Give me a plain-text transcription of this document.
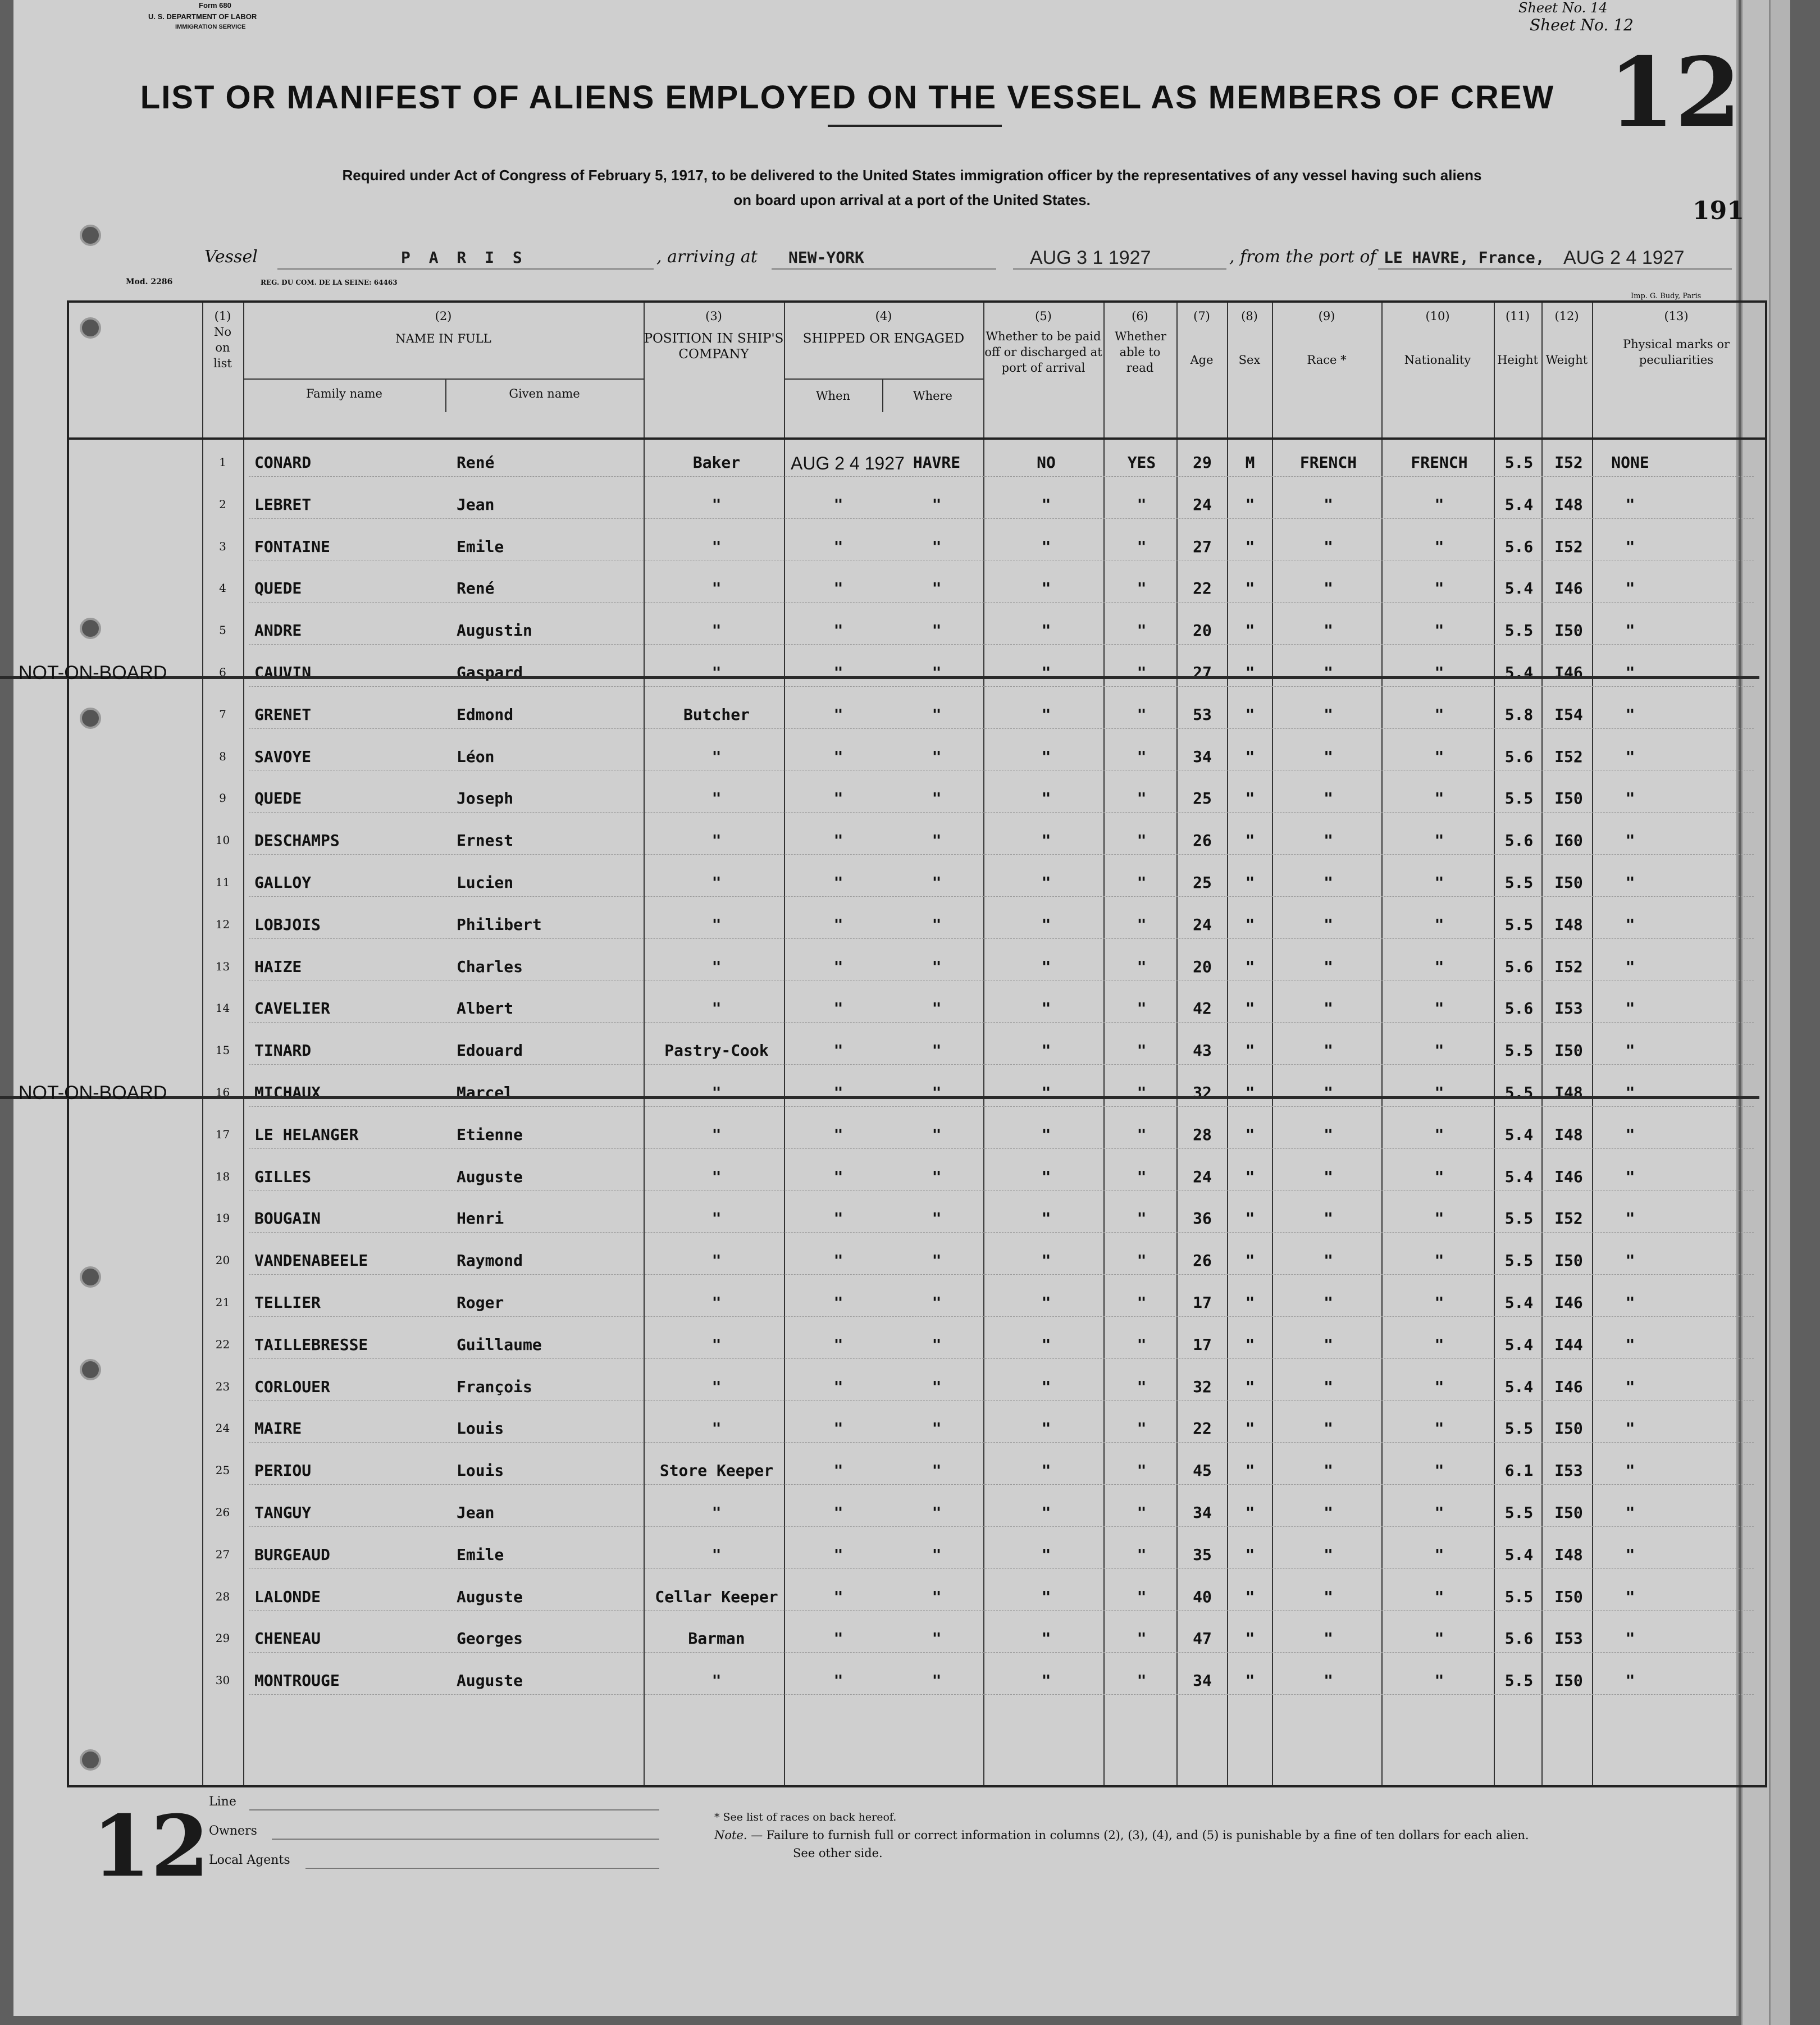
Form 680
U. S. DEPARTMENT OF LABOR
IMMIGRATION SERVICE
Sheet No. 14
Sheet No. 12
12
191
LIST OR MANIFEST OF ALIENS EMPLOYED ON THE VESSEL AS MEMBERS OF CREW
Required under Act of Congress of February 5, 1917, to be delivered to the United States immigration officer by the representatives of any vessel having such aliens
on board upon arrival at a port of the United States.
Vessel	P A R I S	, arriving at NEW-YORK	AUG 3 1 1927	, from the port of LE HAVRE, France, AUG 2 4 1927
Mod. 2286	REG. DU COM. DE LA SEINE: 64463
Imp. G. Budy, Paris
(1)
No on list
(2)
NAME IN FULL
Family name	Given name
(3)
POSITION IN SHIP'S COMPANY
(4)
SHIPPED OR ENGAGED
When	Where
(5)
Whether to be paid off or discharged at port of arrival
(6)
Whether able to read
(7)
Age
(8)
Sex
(9)
Race *
(10)
Nationality
(11)
Height
(12)
Weight
(13)
Physical marks or peculiarities
1	CONARD	René	Baker	AUG 2 4 1927 HAVRE	NO	YES	29	M	FRENCH	FRENCH	5.5	I52	NONE
2	LEBRET	Jean	"	"	"	"	"	24	"	"	"	5.4	I48	"
3	FONTAINE	Emile	"	"	"	"	"	27	"	"	"	5.6	I52	"
4	QUEDE	René	"	"	"	"	"	22	"	"	"	5.4	I46	"
5	ANDRE	Augustin	"	"	"	"	"	20	"	"	"	5.5	I50	"
6	CAUVIN	Gaspard	"	"	"	"	"	27	"	"	"	5.4	I46	"
NOT-ON-BOARD
7	GRENET	Edmond	Butcher	"	"	"	"	53	"	"	"	5.8	I54	"
8	SAVOYE	Léon	"	"	"	"	"	34	"	"	"	5.6	I52	"
9	QUEDE	Joseph	"	"	"	"	"	25	"	"	"	5.5	I50	"
10	DESCHAMPS	Ernest	"	"	"	"	"	26	"	"	"	5.6	I60	"
11	GALLOY	Lucien	"	"	"	"	"	25	"	"	"	5.5	I50	"
12	LOBJOIS	Philibert	"	"	"	"	"	24	"	"	"	5.5	I48	"
13	HAIZE	Charles	"	"	"	"	"	20	"	"	"	5.6	I52	"
14	CAVELIER	Albert	"	"	"	"	"	42	"	"	"	5.6	I53	"
15	TINARD	Edouard	Pastry-Cook	"	"	"	"	43	"	"	"	5.5	I50	"
16	MICHAUX	Marcel	"	"	"	"	"	32	"	"	"	5.5	I48	"
NOT-ON-BOARD
17	LE HELANGER	Etienne	"	"	"	"	"	28	"	"	"	5.4	I48	"
18	GILLES	Auguste	"	"	"	"	"	24	"	"	"	5.4	I46	"
19	BOUGAIN	Henri	"	"	"	"	"	36	"	"	"	5.5	I52	"
20	VANDENABEELE	Raymond	"	"	"	"	"	26	"	"	"	5.5	I50	"
21	TELLIER	Roger	"	"	"	"	"	17	"	"	"	5.4	I46	"
22	TAILLEBRESSE	Guillaume	"	"	"	"	"	17	"	"	"	5.4	I44	"
23	CORLOUER	François	"	"	"	"	"	32	"	"	"	5.4	I46	"
24	MAIRE	Louis	"	"	"	"	"	22	"	"	"	5.5	I50	"
25	PERIOU	Louis	Store Keeper	"	"	"	"	45	"	"	"	6.1	I53	"
26	TANGUY	Jean	"	"	"	"	"	34	"	"	"	5.5	I50	"
27	BURGEAUD	Emile	"	"	"	"	"	35	"	"	"	5.4	I48	"
28	LALONDE	Auguste	Cellar Keeper	"	"	"	"	40	"	"	"	5.5	I50	"
29	CHENEAU	Georges	Barman	"	"	"	"	47	"	"	"	5.6	I53	"
30	MONTROUGE	Auguste	"	"	"	"	"	34	"	"	"	5.5	I50	"
12 Line
Owners
Local Agents
* See list of races on back hereof.
Note. — Failure to furnish full or correct information in columns (2), (3), (4), and (5) is punishable by a fine of ten dollars for each alien.
See other side.
